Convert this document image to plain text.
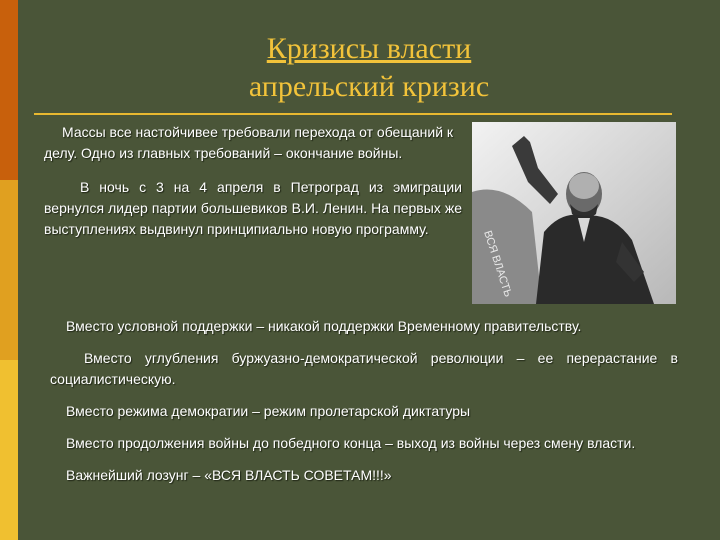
Кризисы власти
апрельский кризис
Массы все настойчивее требовали перехода от обещаний к делу. Одно из главных требований – окончание войны.
В ночь с 3 на 4 апреля в Петроград из эмиграции вернулся лидер партии большевиков В.И. Ленин. На первых же выступлениях выдвинул принципиально новую программу.
ВСЯ ВЛАСТЬ
Вместо условной поддержки – никакой поддержки Временному правительству.
Вместо углубления буржуазно-демократической революции – ее перерастание в социалистическую.
Вместо режима демократии – режим пролетарской диктатуры
Вместо продолжения войны до победного конца – выход из войны через смену власти.
Важнейший лозунг – «ВСЯ ВЛАСТЬ СОВЕТАМ!!!»
